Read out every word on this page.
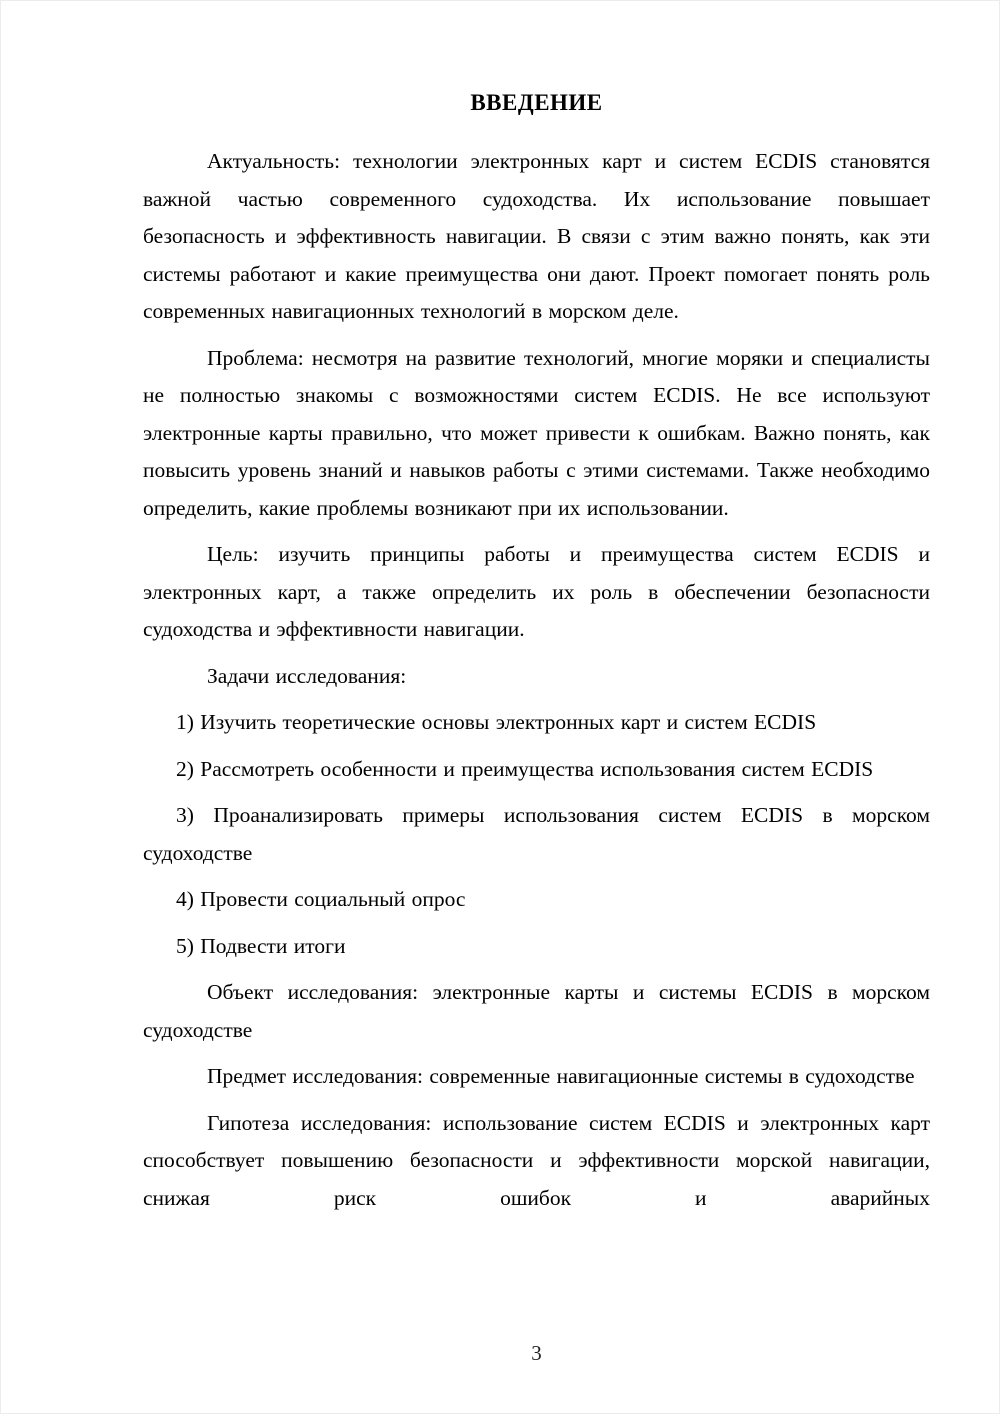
ВВЕДЕНИЕ

Актуальность: технологии электронных карт и систем ECDIS становятся важной частью современного судоходства. Их использование повышает безопасность и эффективность навигации. В связи с этим важно понять, как эти системы работают и какие преимущества они дают. Проект помогает понять роль современных навигационных технологий в морском деле.

Проблема: несмотря на развитие технологий, многие моряки и специалисты не полностью знакомы с возможностями систем ECDIS. Не все используют электронные карты правильно, что может привести к ошибкам. Важно понять, как повысить уровень знаний и навыков работы с этими системами. Также необходимо определить, какие проблемы возникают при их использовании.

Цель: изучить принципы работы и преимущества систем ECDIS и электронных карт, а также определить их роль в обеспечении безопасности судоходства и эффективности навигации.

Задачи исследования:

1) Изучить теоретические основы электронных карт и систем ECDIS

2) Рассмотреть особенности и преимущества использования систем ECDIS

3) Проанализировать примеры использования систем ECDIS в морском судоходстве

4) Провести социальный опрос

5) Подвести итоги

Объект исследования: электронные карты и системы ECDIS в морском судоходстве

Предмет исследования: современные навигационные системы в судоходстве

Гипотеза исследования: использование систем ECDIS и электронных карт способствует повышению безопасности и эффективности морской навигации, снижая риск ошибок и аварийных

3
